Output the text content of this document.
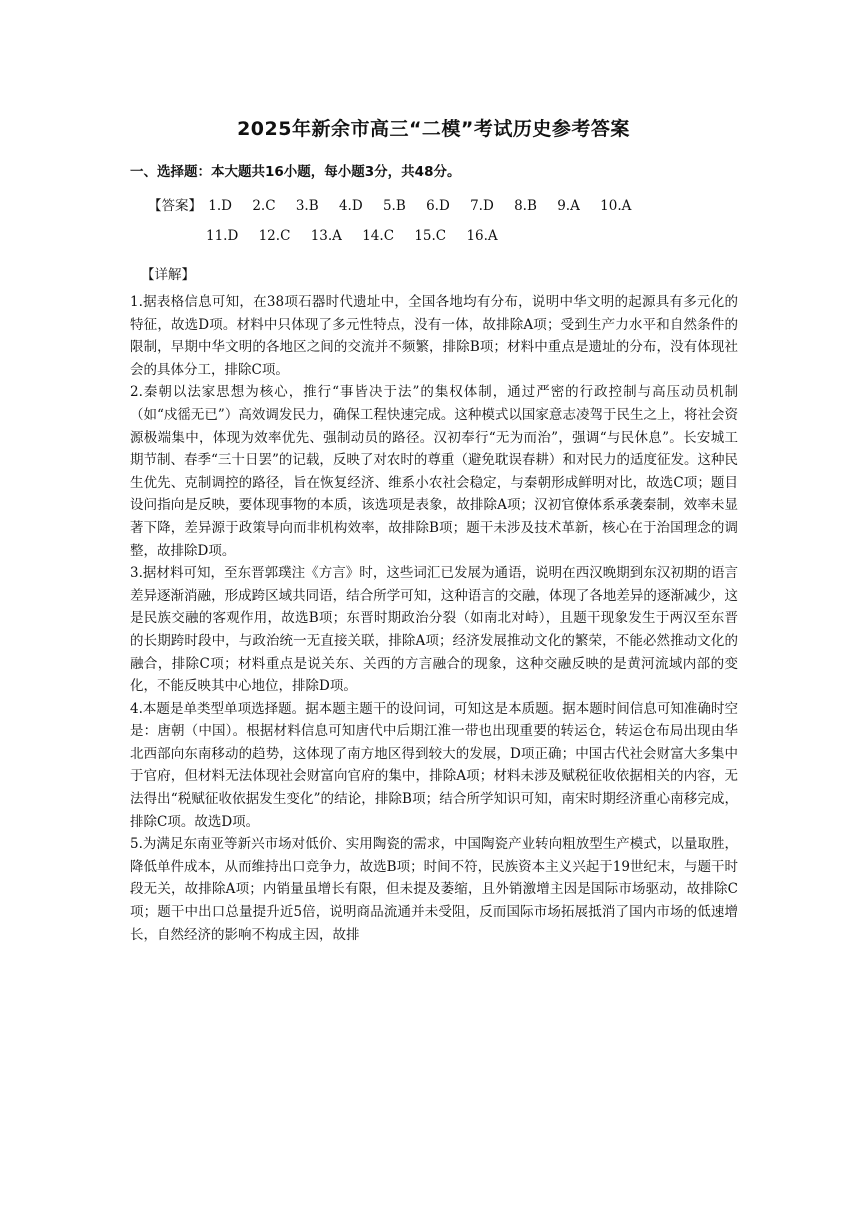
2025年新余市高三“二模”考试历史参考答案
一、选择题：本大题共16小题，每小题3分，共48分。
【答案】 1.D 2.C 3.B 4.D 5.B 6.D 7.D 8.B 9.A 10.A
11.D 12.C 13.A 14.C 15.C 16.A
【详解】

1.据表格信息可知，在38项石器时代遗址中，全国各地均有分布，说明中华文明的起源具有多元化的特征，故选D项。材料中只体现了多元性特点，没有一体，故排除A项；受到生产力水平和自然条件的限制，早期中华文明的各地区之间的交流并不频繁，排除B项；材料中重点是遗址的分布，没有体现社会的具体分工，排除C项。

2.秦朝以法家思想为核心，推行“事皆决于法”的集权体制，通过严密的行政控制与高压动员机制（如“戍徭无已”）高效调发民力，确保工程快速完成。这种模式以国家意志凌驾于民生之上，将社会资源极端集中，体现为效率优先、强制动员的路径。汉初奉行“无为而治”，强调“与民休息”。长安城工期节制、春季“三十日罢”的记载，反映了对农时的尊重（避免耽误春耕）和对民力的适度征发。这种民生优先、克制调控的路径，旨在恢复经济、维系小农社会稳定，与秦朝形成鲜明对比，故选C项；题目设问指向是反映，要体现事物的本质，该选项是表象，故排除A项；汉初官僚体系承袭秦制，效率未显著下降，差异源于政策导向而非机构效率，故排除B项；题干未涉及技术革新，核心在于治国理念的调整，故排除D项。

3.据材料可知，至东晋郭璞注《方言》时，这些词汇已发展为通语，说明在西汉晚期到东汉初期的语言差异逐渐消融，形成跨区域共同语，结合所学可知，这种语言的交融，体现了各地差异的逐渐减少，这是民族交融的客观作用，故选B项；东晋时期政治分裂（如南北对峙），且题干现象发生于两汉至东晋的长期跨时段中，与政治统一无直接关联，排除A项；经济发展推动文化的繁荣，不能必然推动文化的融合，排除C项；材料重点是说关东、关西的方言融合的现象，这种交融反映的是黄河流域内部的变化，不能反映其中心地位，排除D项。

4.本题是单类型单项选择题。据本题主题干的设问词，可知这是本质题。据本题时间信息可知准确时空是：唐朝（中国）。根据材料信息可知唐代中后期江淮一带也出现重要的转运仓，转运仓布局出现由华北西部向东南移动的趋势，这体现了南方地区得到较大的发展，D项正确；中国古代社会财富大多集中于官府，但材料无法体现社会财富向官府的集中，排除A项；材料未涉及赋税征收依据相关的内容，无法得出“税赋征收依据发生变化”的结论，排除B项；结合所学知识可知，南宋时期经济重心南移完成，排除C项。故选D项。

5.为满足东南亚等新兴市场对低价、实用陶瓷的需求，中国陶瓷产业转向粗放型生产模式，以量取胜，降低单件成本，从而维持出口竞争力，故选B项；时间不符，民族资本主义兴起于19世纪末，与题干时段无关，故排除A项；内销量虽增长有限，但未提及萎缩，且外销激增主因是国际市场驱动，故排除C项；题干中出口总量提升近5倍，说明商品流通并未受阻，反而国际市场拓展抵消了国内市场的低速增长，自然经济的影响不构成主因，故排
